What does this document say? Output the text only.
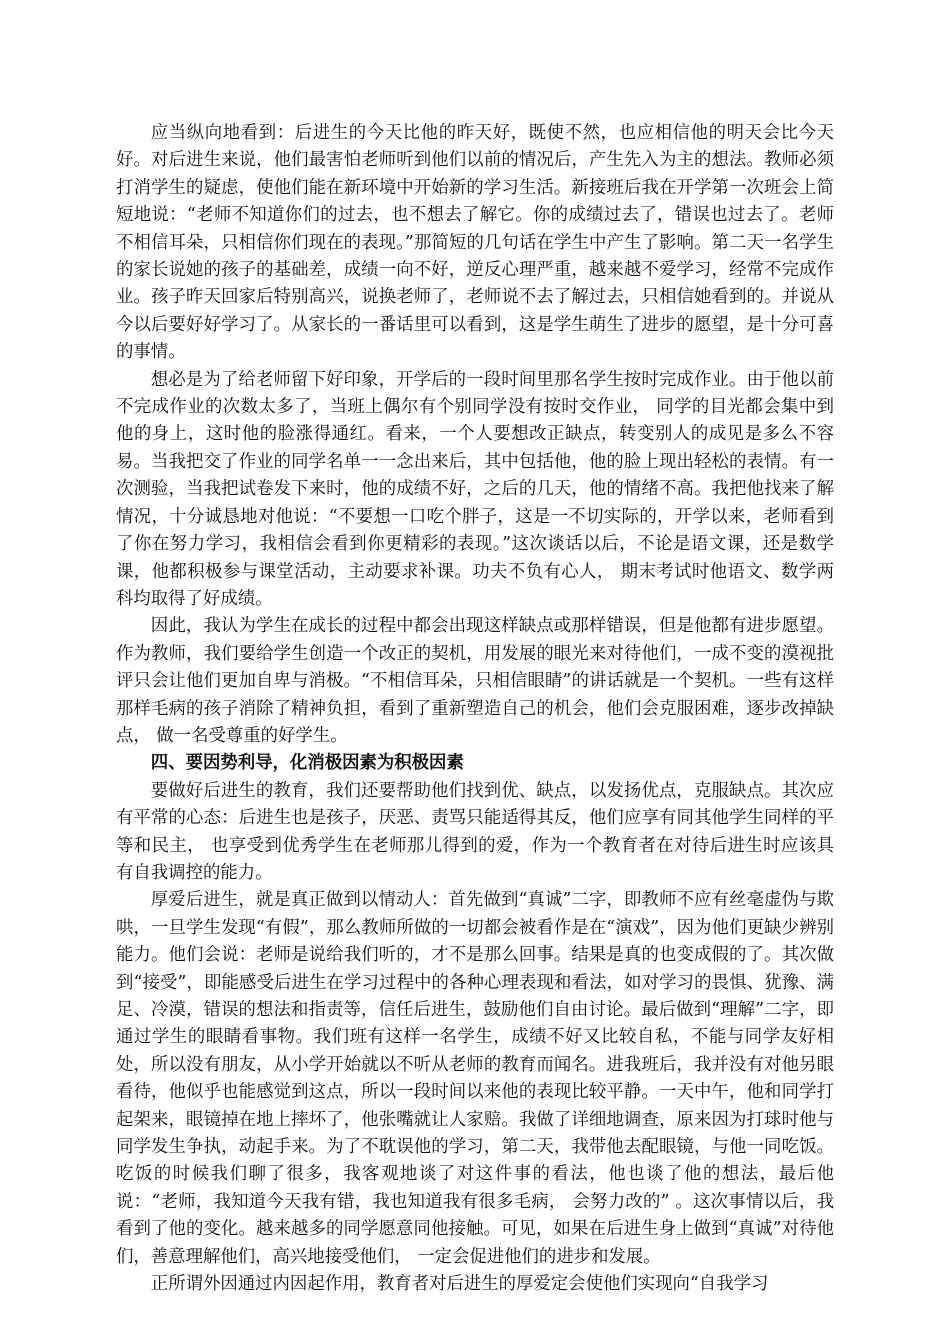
应当纵向地看到：后进生的今天比他的昨天好，既使不然，也应相信他的明天会比今天好。对后进生来说，他们最害怕老师听到他们以前的情况后，产生先入为主的想法。教师必须打消学生的疑虑，使他们能在新环境中开始新的学习生活。新接班后我在开学第一次班会上简短地说：“老师不知道你们的过去，也不想去了解它。你的成绩过去了，错误也过去了。老师不相信耳朵，只相信你们现在的表现。”那简短的几句话在学生中产生了影响。第二天一名学生的家长说她的孩子的基础差，成绩一向不好，逆反心理严重，越来越不爱学习，经常不完成作业。孩子昨天回家后特别高兴，说换老师了，老师说不去了解过去，只相信她看到的。并说从今以后要好好学习了。从家长的一番话里可以看到，这是学生萌生了进步的愿望，是十分可喜的事情。

想必是为了给老师留下好印象，开学后的一段时间里那名学生按时完成作业。由于他以前不完成作业的次数太多了，当班上偶尔有个别同学没有按时交作业， 同学的目光都会集中到他的身上，这时他的脸涨得通红。看来，一个人要想改正缺点，转变别人的成见是多么不容易。当我把交了作业的同学名单一一念出来后，其中包括他，他的脸上现出轻松的表情。有一次测验，当我把试卷发下来时，他的成绩不好，之后的几天，他的情绪不高。我把他找来了解情况，十分诚恳地对他说：“不要想一口吃个胖子，这是一不切实际的，开学以来，老师看到了你在努力学习，我相信会看到你更精彩的表现。”这次谈话以后，不论是语文课，还是数学课，他都积极参与课堂活动，主动要求补课。功夫不负有心人， 期末考试时他语文、数学两科均取得了好成绩。

因此，我认为学生在成长的过程中都会出现这样缺点或那样错误，但是他都有进步愿望。作为教师，我们要给学生创造一个改正的契机，用发展的眼光来对待他们，一成不变的漠视批评只会让他们更加自卑与消极。“不相信耳朵，只相信眼睛”的讲话就是一个契机。一些有这样那样毛病的孩子消除了精神负担，看到了重新塑造自己的机会，他们会克服困难，逐步改掉缺点， 做一名受尊重的好学生。

四、要因势利导，化消极因素为积极因素

要做好后进生的教育，我们还要帮助他们找到优、缺点，以发扬优点，克服缺点。其次应有平常的心态：后进生也是孩子，厌恶、责骂只能适得其反，他们应享有同其他学生同样的平等和民主， 也享受到优秀学生在老师那儿得到的爱，作为一个教育者在对待后进生时应该具有自我调控的能力。

厚爱后进生，就是真正做到以情动人：首先做到“真诚”二字，即教师不应有丝毫虚伪与欺哄，一旦学生发现“有假”，那么教师所做的一切都会被看作是在“演戏”，因为他们更缺少辨别能力。他们会说：老师是说给我们听的，才不是那么回事。结果是真的也变成假的了。其次做到“接受”，即能感受后进生在学习过程中的各种心理表现和看法，如对学习的畏惧、犹豫、满足、冷漠，错误的想法和指责等，信任后进生，鼓励他们自由讨论。最后做到“理解”二字，即通过学生的眼睛看事物。我们班有这样一名学生，成绩不好又比较自私，不能与同学友好相处，所以没有朋友，从小学开始就以不听从老师的教育而闻名。进我班后，我并没有对他另眼看待，他似乎也能感觉到这点，所以一段时间以来他的表现比较平静。一天中午，他和同学打起架来，眼镜掉在地上摔坏了，他张嘴就让人家赔。我做了详细地调查，原来因为打球时他与同学发生争执，动起手来。为了不耽误他的学习，第二天，我带他去配眼镜，与他一同吃饭。吃饭的时候我们聊了很多，我客观地谈了对这件事的看法，他也谈了他的想法，最后他说：“老师，我知道今天我有错，我也知道我有很多毛病， 会努力改的” 。这次事情以后，我看到了他的变化。越来越多的同学愿意同他接触。可见，如果在后进生身上做到“真诚”对待他们，善意理解他们，高兴地接受他们， 一定会促进他们的进步和发展。

正所谓外因通过内因起作用，教育者对后进生的厚爱定会使他们实现向“自我学习
